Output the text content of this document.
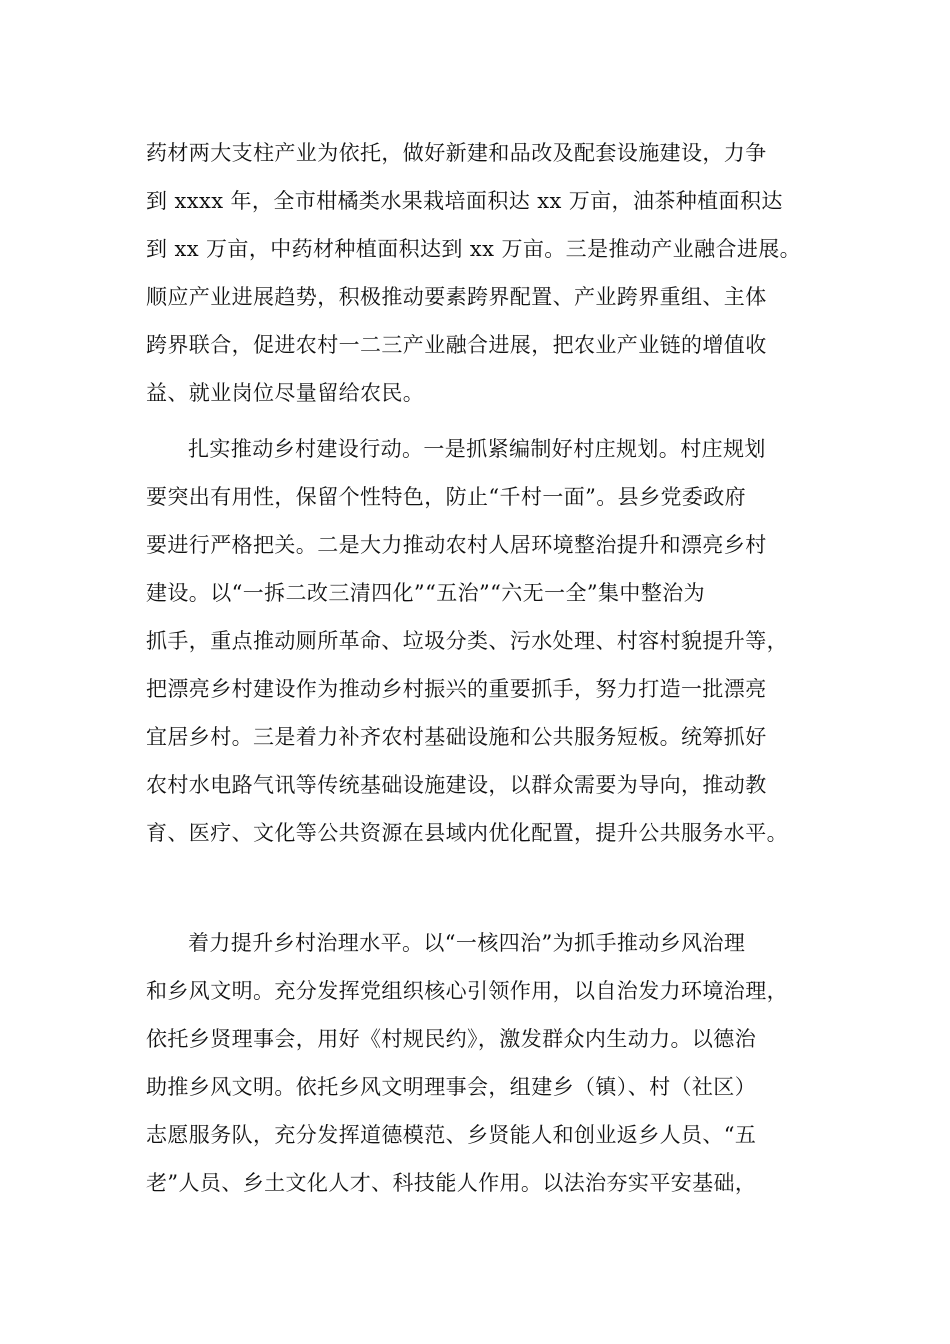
药材两大支柱产业为依托，做好新建和品改及配套设施建设，力争
到 xxxx 年，全市柑橘类水果栽培面积达 xx 万亩，油茶种植面积达
到 xx 万亩，中药材种植面积达到 xx 万亩。三是推动产业融合进展。
顺应产业进展趋势，积极推动要素跨界配置、产业跨界重组、主体
跨界联合，促进农村一二三产业融合进展，把农业产业链的增值收
益、就业岗位尽量留给农民。
扎实推动乡村建设行动。一是抓紧编制好村庄规划。村庄规划
要突出有用性，保留个性特色，防止“千村一面”。县乡党委政府
要进行严格把关。二是大力推动农村人居环境整治提升和漂亮乡村
建设。以“一拆二改三清四化”“五治”“六无一全”集中整治为
抓手，重点推动厕所革命、垃圾分类、污水处理、村容村貌提升等，
把漂亮乡村建设作为推动乡村振兴的重要抓手，努力打造一批漂亮
宜居乡村。三是着力补齐农村基础设施和公共服务短板。统筹抓好
农村水电路气讯等传统基础设施建设，以群众需要为导向，推动教
育、医疗、文化等公共资源在县域内优化配置，提升公共服务水平。
着力提升乡村治理水平。以“一核四治”为抓手推动乡风治理
和乡风文明。充分发挥党组织核心引领作用，以自治发力环境治理，
依托乡贤理事会，用好《村规民约》，激发群众内生动力。以德治
助推乡风文明。依托乡风文明理事会，组建乡（镇）、村（社区）
志愿服务队，充分发挥道德模范、乡贤能人和创业返乡人员、“五
老”人员、乡土文化人才、科技能人作用。以法治夯实平安基础，
